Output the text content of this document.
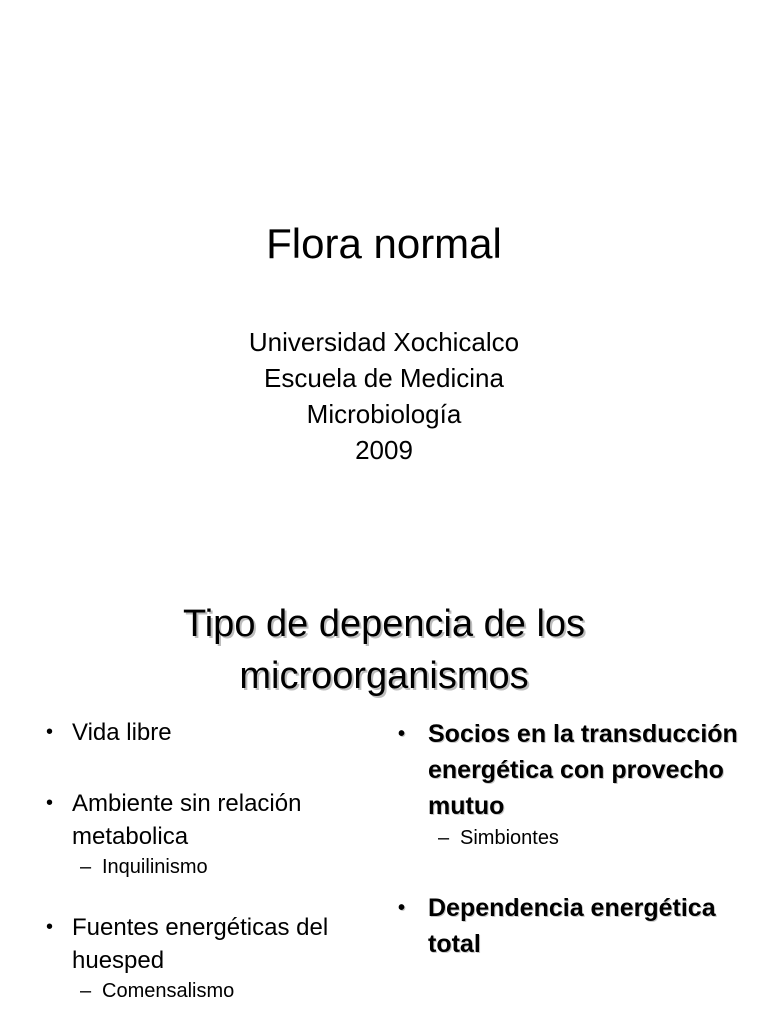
Flora normal
Universidad Xochicalco
Escuela de Medicina
Microbiología
2009
Tipo de depencia de los
microorganismos
• Vida libre
• Ambiente sin relación metabolica
– Inquilinismo
• Fuentes energéticas del huesped
– Comensalismo
• Socios en la transducción energética con provecho mutuo
– Simbiontes
• Dependencia energética total
